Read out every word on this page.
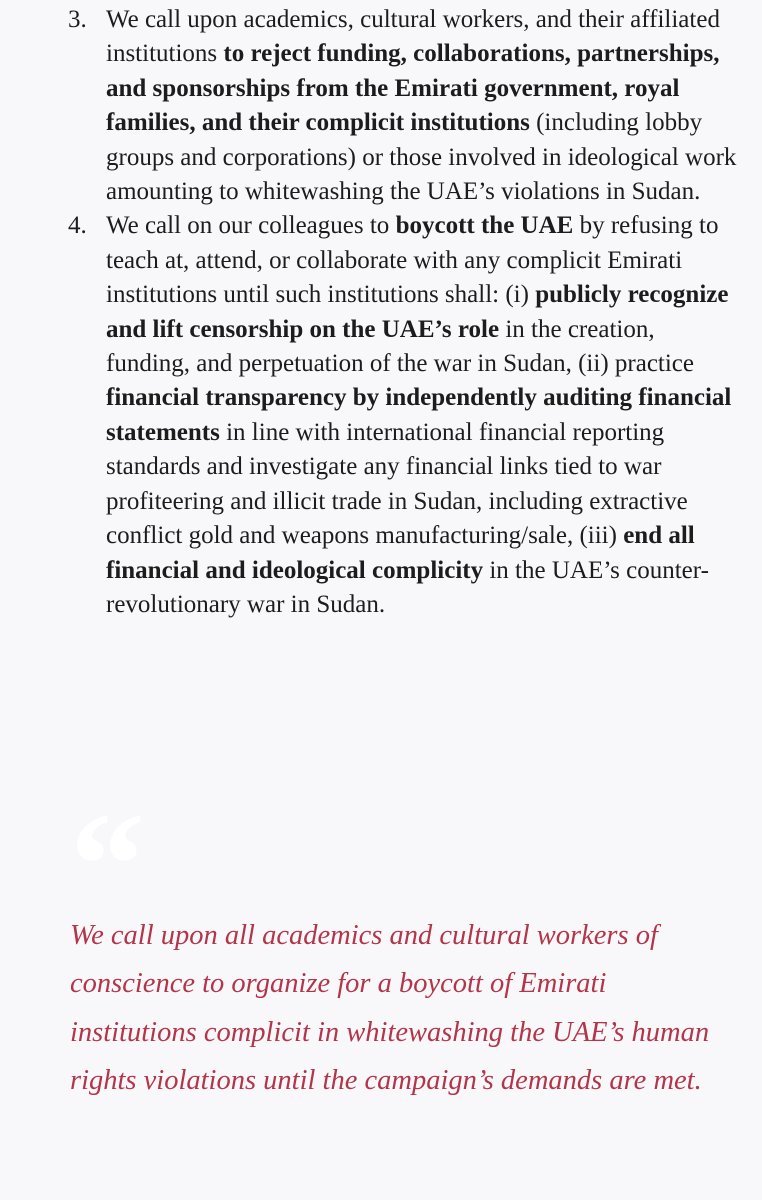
3. We call upon academics, cultural workers, and their affiliated institutions to reject funding, collaborations, partnerships, and sponsorships from the Emirati government, royal families, and their complicit institutions (including lobby groups and corporations) or those involved in ideological work amounting to whitewashing the UAE’s violations in Sudan.
4. We call on our colleagues to boycott the UAE by refusing to teach at, attend, or collaborate with any complicit Emirati institutions until such institutions shall: (i) publicly recognize and lift censorship on the UAE’s role in the creation, funding, and perpetuation of the war in Sudan, (ii) practice financial transparency by independently auditing financial statements in line with international financial reporting standards and investigate any financial links tied to war profiteering and illicit trade in Sudan, including extractive conflict gold and weapons manufacturing/sale, (iii) end all financial and ideological complicity in the UAE’s counter-revolutionary war in Sudan.
“
We call upon all academics and cultural workers of conscience to organize for a boycott of Emirati institutions complicit in whitewashing the UAE’s human rights violations until the campaign’s demands are met.
